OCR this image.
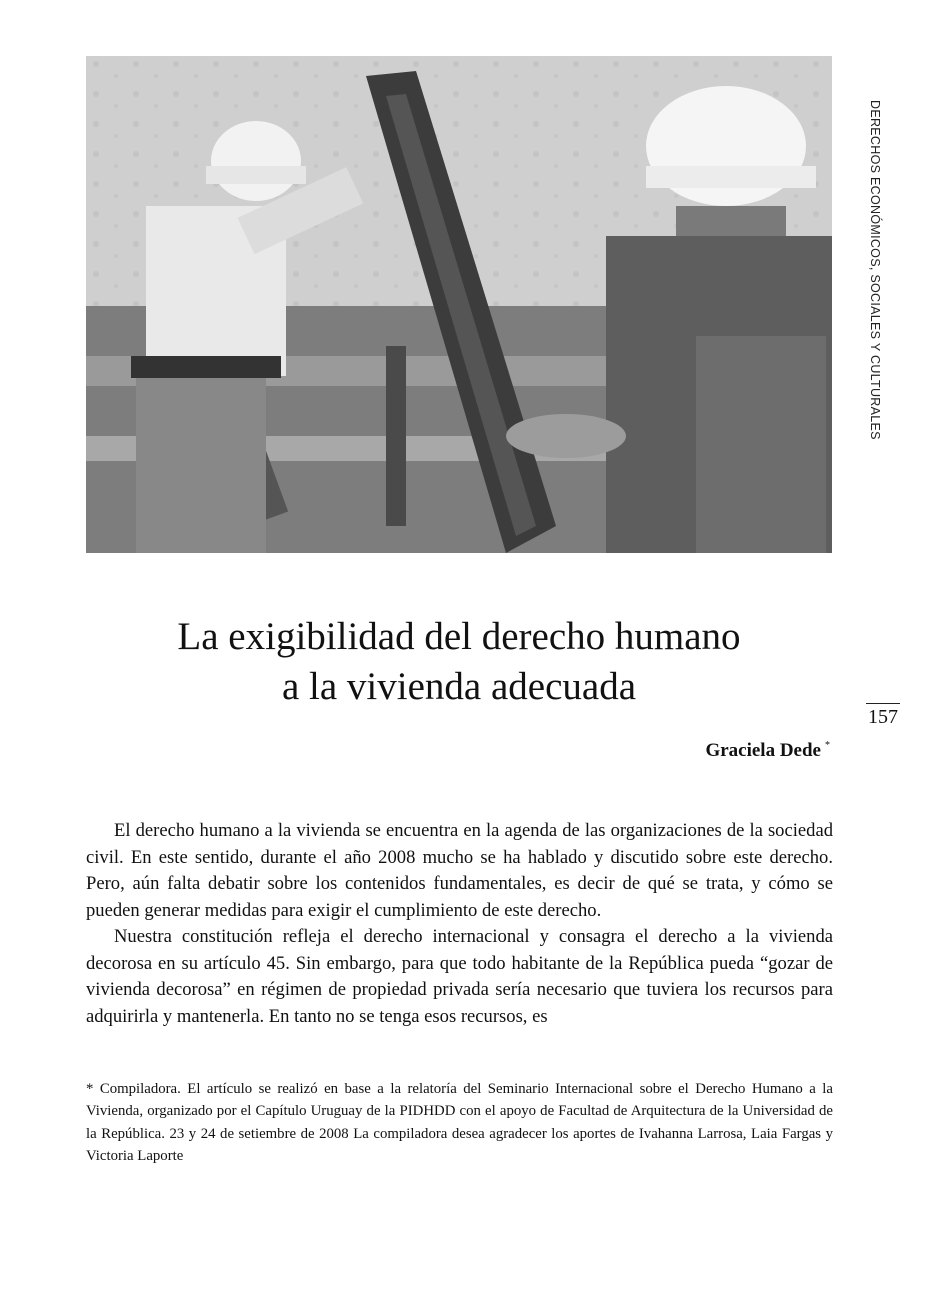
DERECHOS ECONÓMICOS, SOCIALES Y CULTURALES
157
La exigibilidad del derecho humano
a la vivienda adecuada
Graciela Dede *

El derecho humano a la vivienda se encuentra en la agenda de las organizaciones de la sociedad civil. En este sentido, durante el año 2008 mucho se ha hablado y discutido sobre este derecho. Pero, aún falta debatir sobre los contenidos fundamentales, es decir de qué se trata, y cómo se pueden generar medidas para exigir el cumplimiento de este derecho.

Nuestra constitución refleja el derecho internacional y consagra el derecho a la vivienda decorosa en su artículo 45. Sin embargo, para que todo habitante de la República pueda “gozar de vivienda decorosa” en régimen de propiedad privada sería necesario que tuviera los recursos para adquirirla y mantenerla. En tanto no se tenga esos recursos, es

* Compiladora. El artículo se realizó en base a la relatoría del Seminario Internacional sobre el Derecho Humano a la Vivienda, organizado por el Capítulo Uruguay de la PIDHDD con el apoyo de Facultad de Arquitectura de la Universidad de la República. 23 y 24 de setiembre de 2008 La compiladora desea agradecer los aportes de Ivahanna Larrosa, Laia Fargas y Victoria Laporte
